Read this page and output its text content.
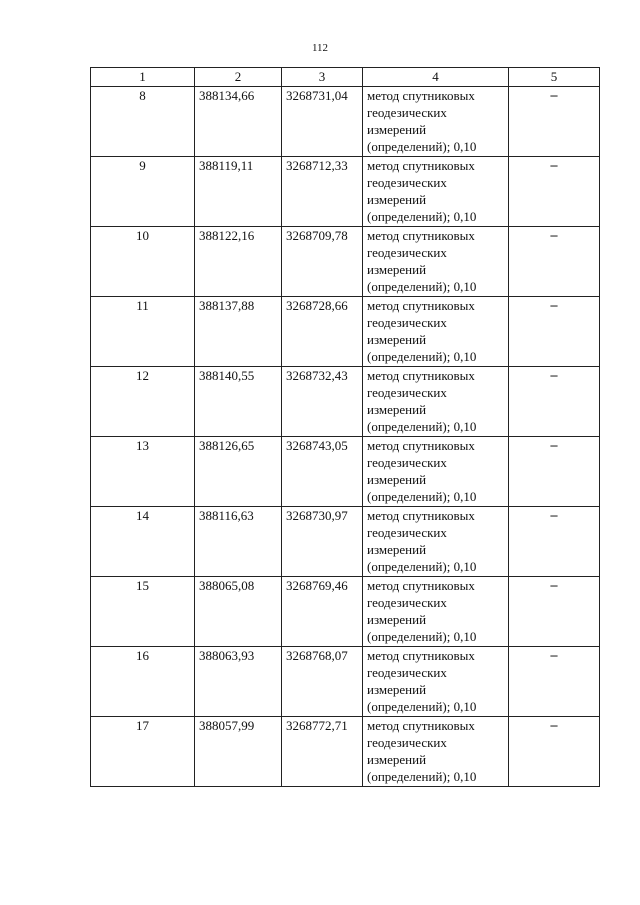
112
1	2	3	4	5
8	388134,66	3268731,04	метод спутниковых геодезических измерений (определений); 0,10	–
9	388119,11	3268712,33	метод спутниковых геодезических измерений (определений); 0,10	–
10	388122,16	3268709,78	метод спутниковых геодезических измерений (определений); 0,10	–
11	388137,88	3268728,66	метод спутниковых геодезических измерений (определений); 0,10	–
12	388140,55	3268732,43	метод спутниковых геодезических измерений (определений); 0,10	–
13	388126,65	3268743,05	метод спутниковых геодезических измерений (определений); 0,10	–
14	388116,63	3268730,97	метод спутниковых геодезических измерений (определений); 0,10	–
15	388065,08	3268769,46	метод спутниковых геодезических измерений (определений); 0,10	–
16	388063,93	3268768,07	метод спутниковых геодезических измерений (определений); 0,10	–
17	388057,99	3268772,71	метод спутниковых геодезических измерений (определений); 0,10	–
